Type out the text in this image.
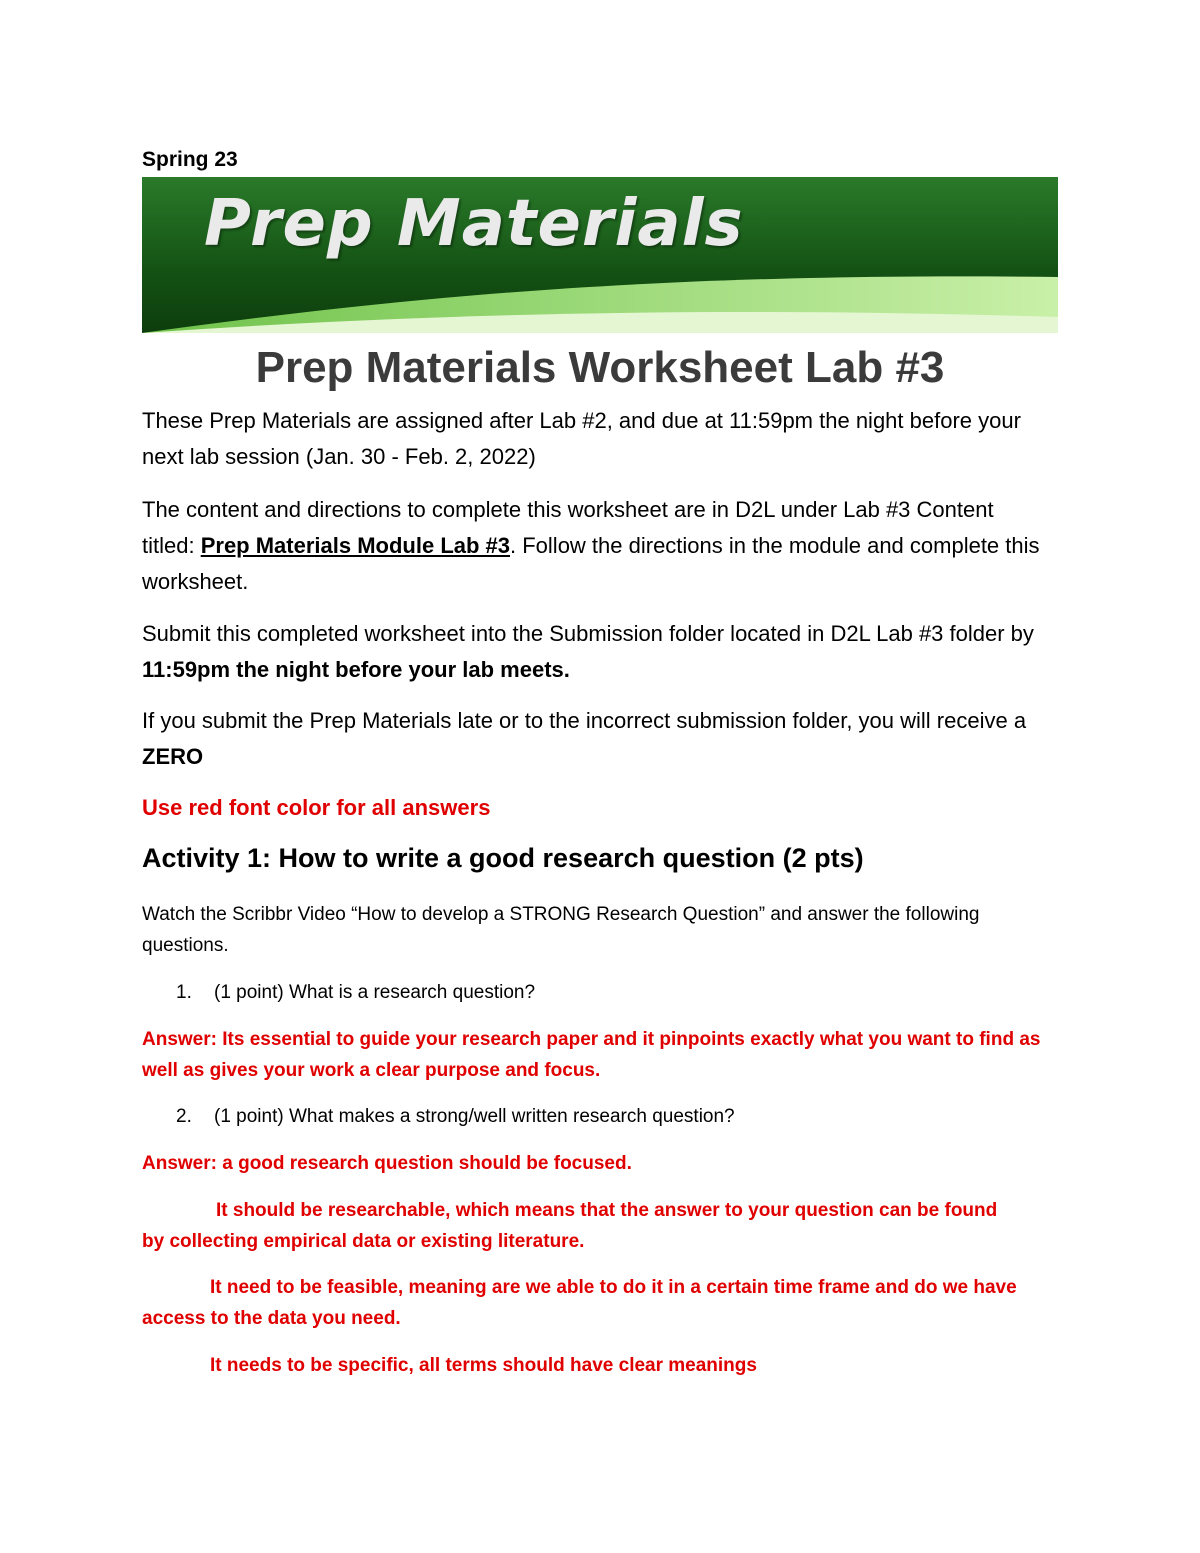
Spring 23
Prep Materials
Prep Materials Worksheet Lab #3
These Prep Materials are assigned after Lab #2, and due at 11:59pm the night before your next lab session (Jan. 30 - Feb. 2, 2022)
The content and directions to complete this worksheet are in D2L under Lab #3 Content titled: Prep Materials Module Lab #3. Follow the directions in the module and complete this worksheet.
Submit this completed worksheet into the Submission folder located in D2L Lab #3 folder by 11:59pm the night before your lab meets.
If you submit the Prep Materials late or to the incorrect submission folder, you will receive a ZERO
Use red font color for all answers
Activity 1: How to write a good research question (2 pts)
Watch the Scribbr Video “How to develop a STRONG Research Question” and answer the following questions.
1. (1 point) What is a research question?
Answer: Its essential to guide your research paper and it pinpoints exactly what you want to find as well as gives your work a clear purpose and focus.
2. (1 point) What makes a strong/well written research question?
Answer: a good research question should be focused.
It should be researchable, which means that the answer to your question can be found by collecting empirical data or existing literature.
It need to be feasible, meaning are we able to do it in a certain time frame and do we have access to the data you need.
It needs to be specific, all terms should have clear meanings
